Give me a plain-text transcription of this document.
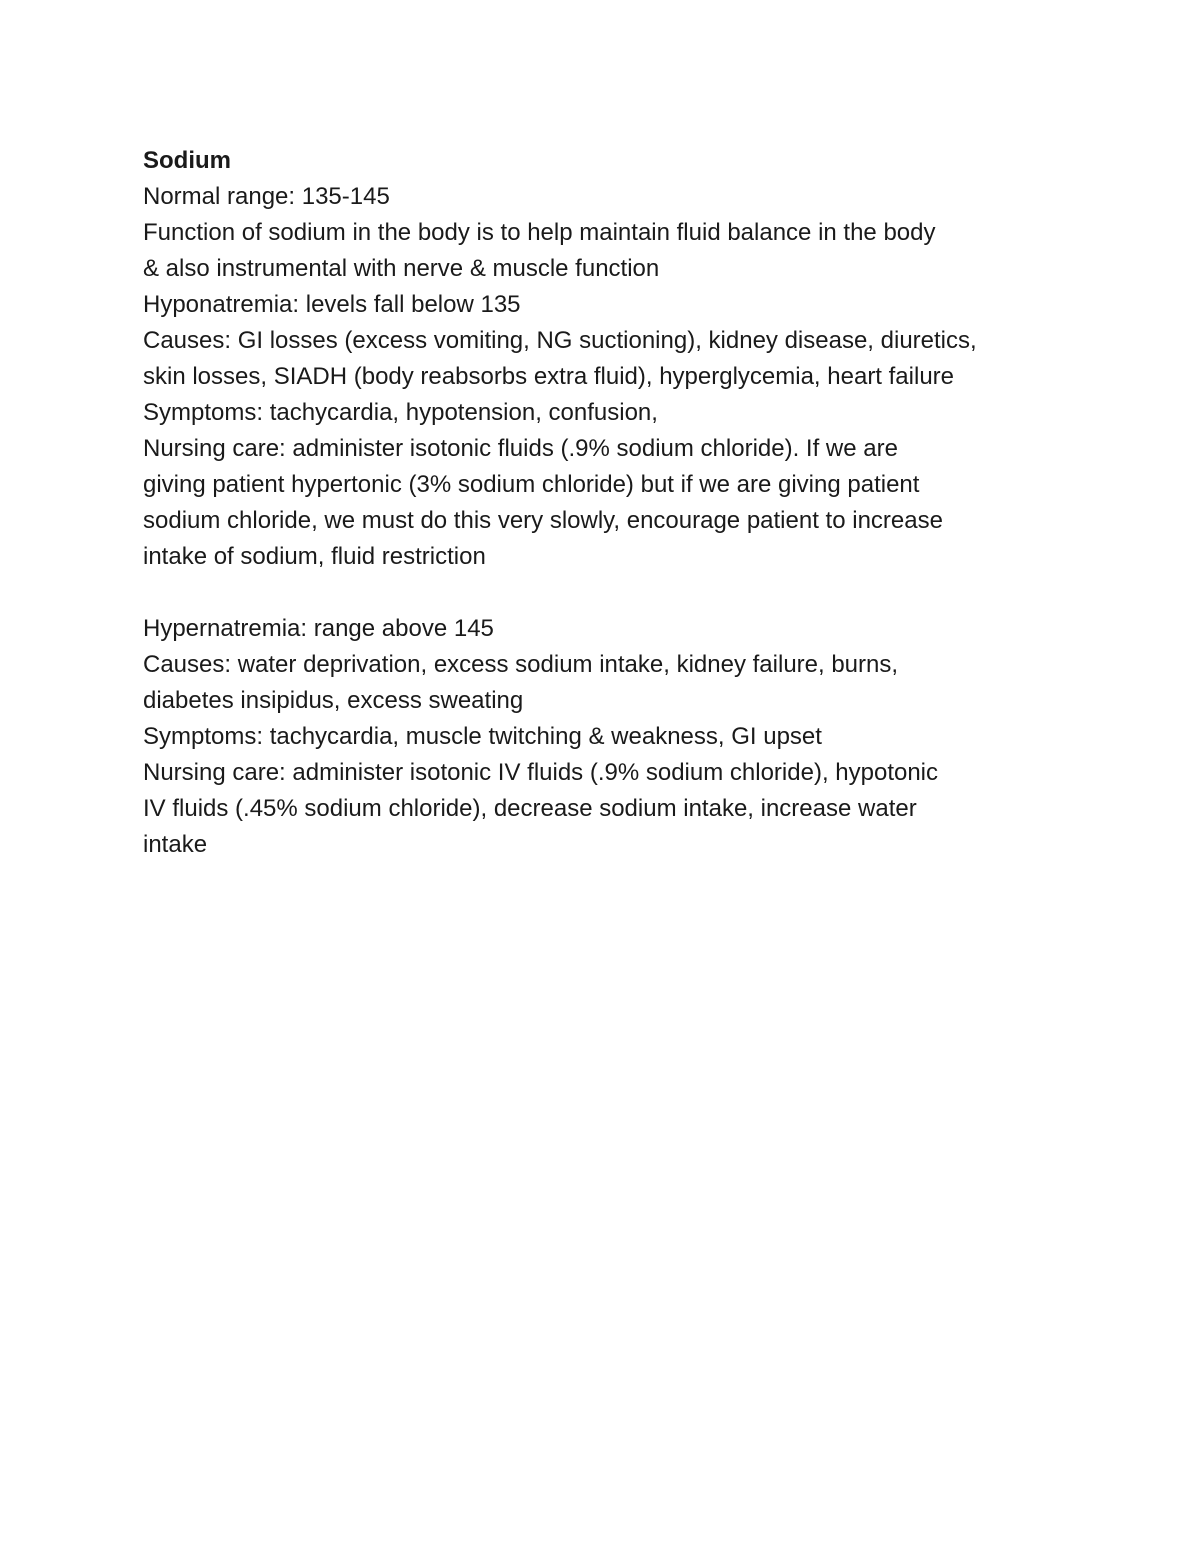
Sodium
Normal range: 135-145
Function of sodium in the body is to help maintain fluid balance in the body
& also instrumental with nerve & muscle function
Hyponatremia: levels fall below 135
Causes: GI losses (excess vomiting, NG suctioning), kidney disease, diuretics,
skin losses, SIADH (body reabsorbs extra fluid), hyperglycemia, heart failure
Symptoms: tachycardia, hypotension, confusion,
Nursing care: administer isotonic fluids (.9% sodium chloride). If we are
giving patient hypertonic (3% sodium chloride) but if we are giving patient
sodium chloride, we must do this very slowly, encourage patient to increase
intake of sodium, fluid restriction
Hypernatremia: range above 145
Causes: water deprivation, excess sodium intake, kidney failure, burns,
diabetes insipidus, excess sweating
Symptoms: tachycardia, muscle twitching & weakness, GI upset
Nursing care: administer isotonic IV fluids (.9% sodium chloride), hypotonic
IV fluids (.45% sodium chloride), decrease sodium intake, increase water
intake
